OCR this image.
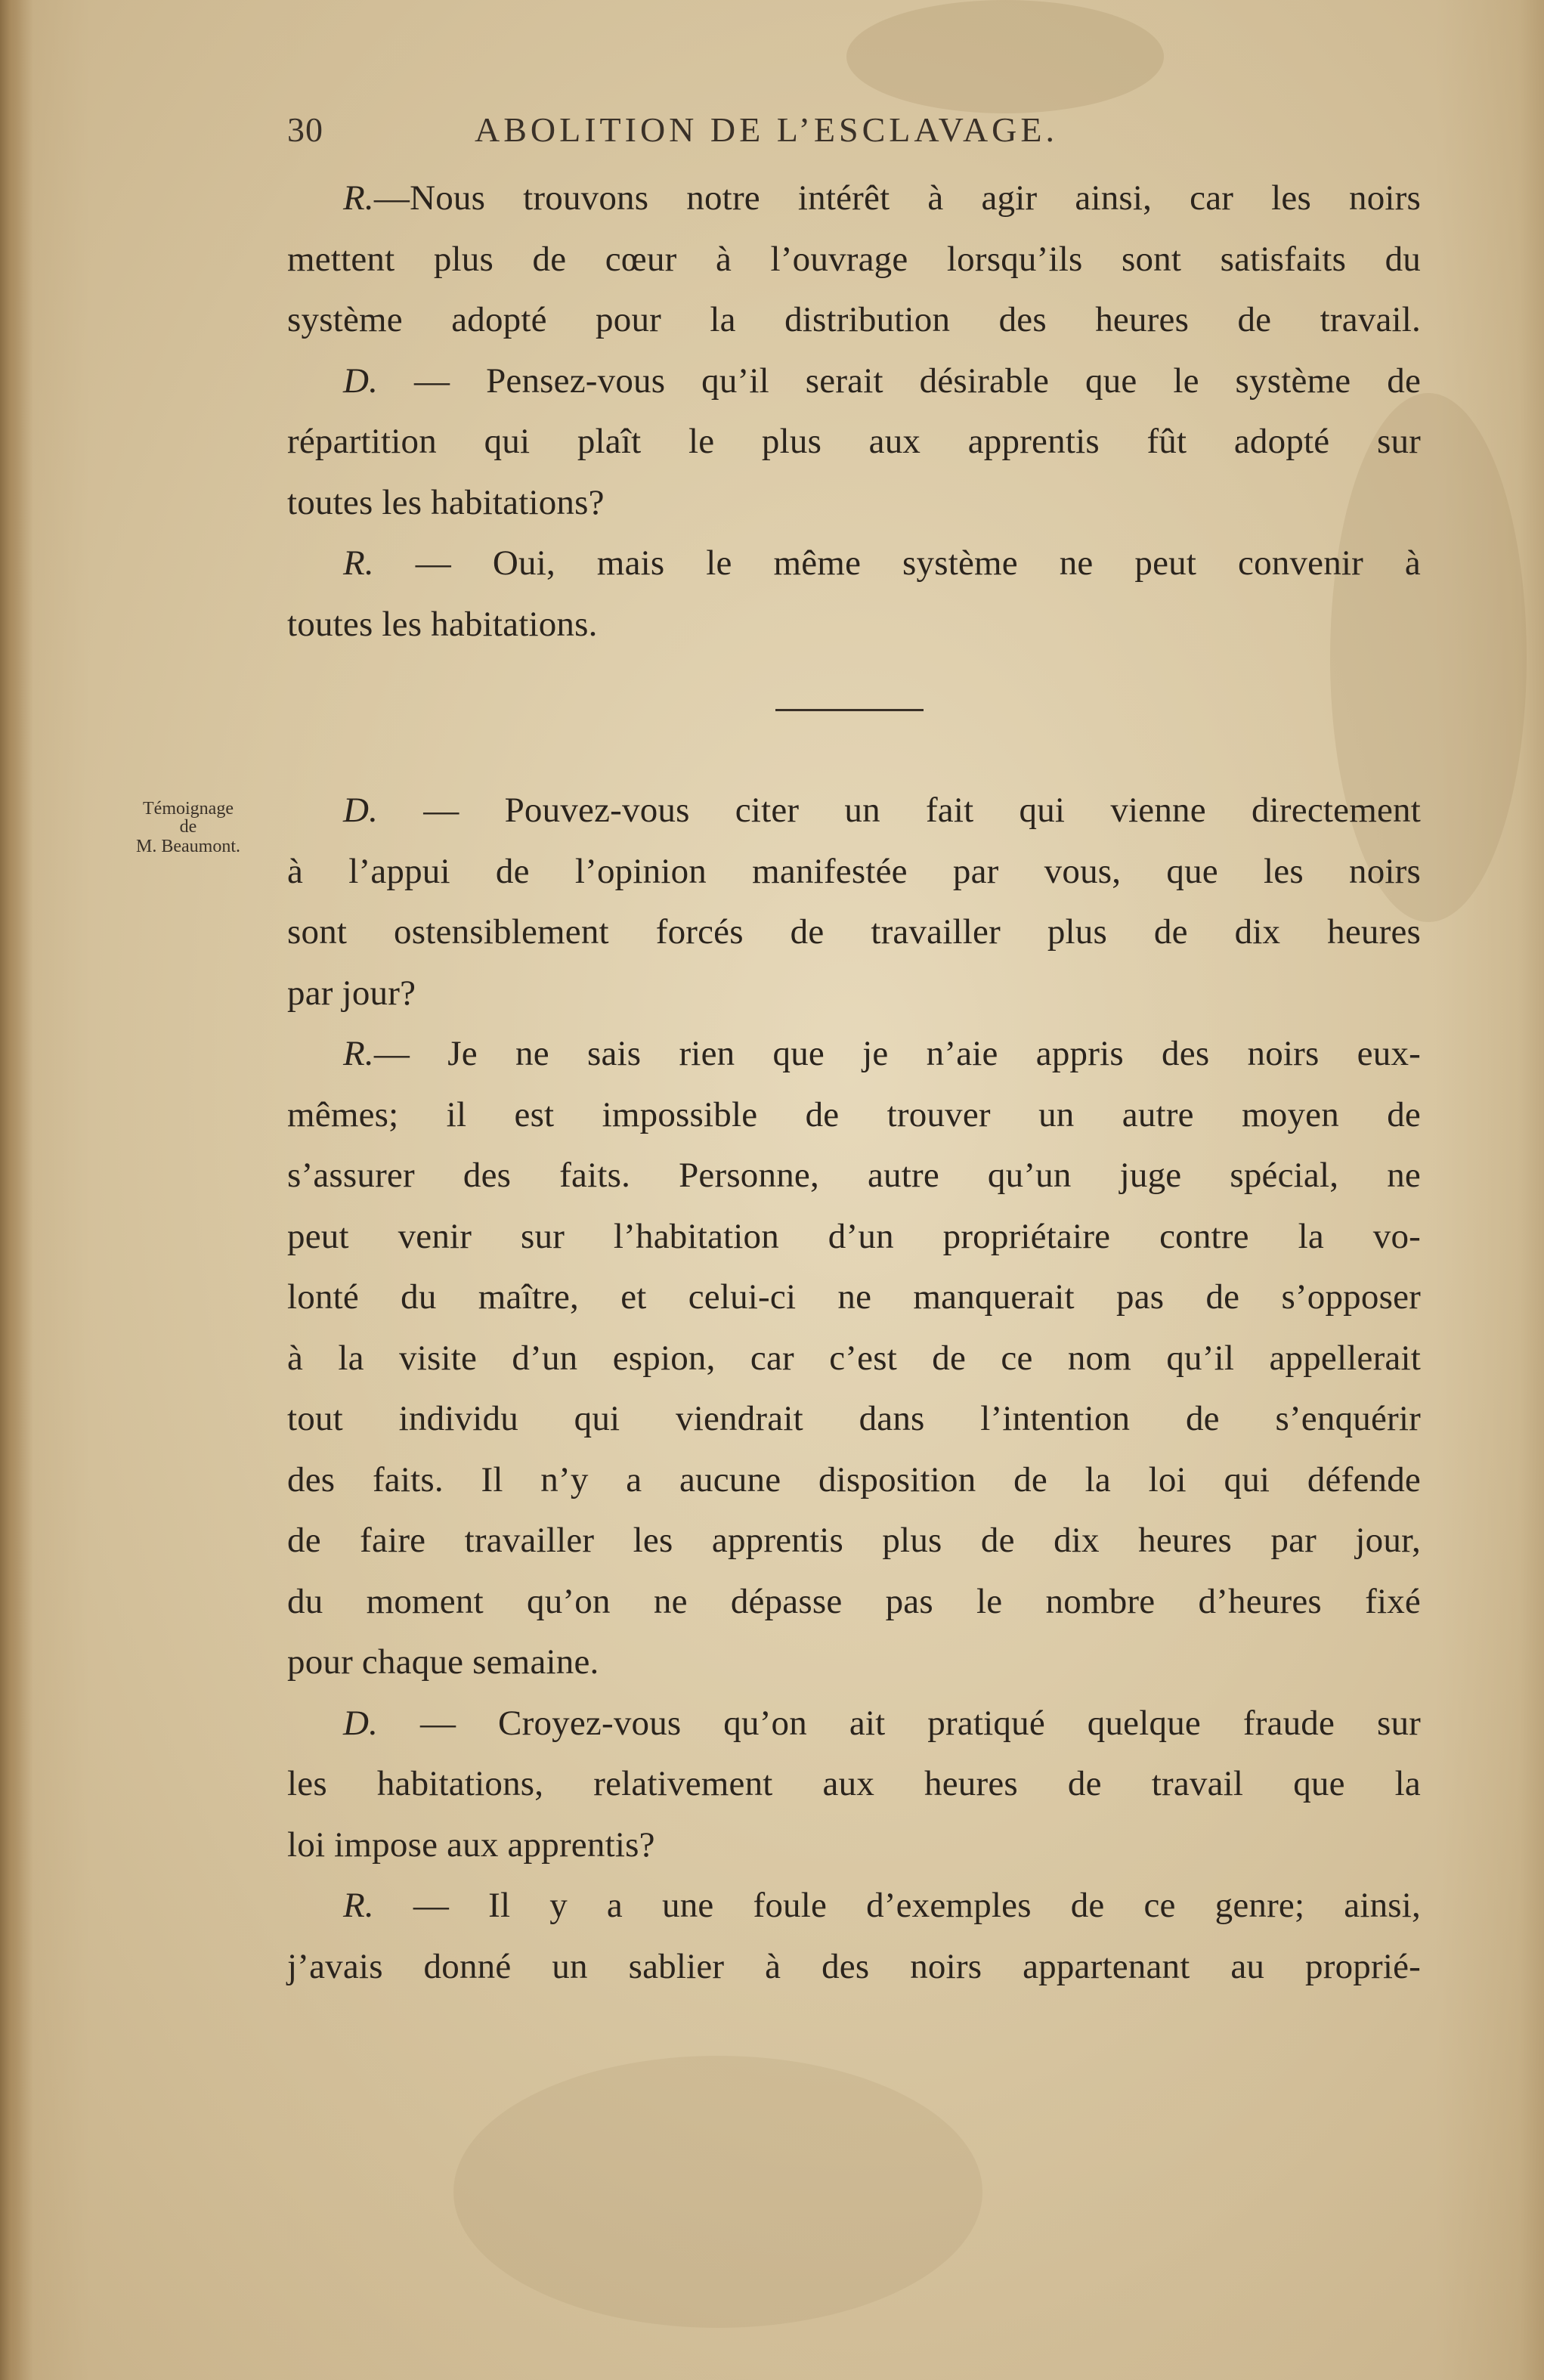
30	ABOLITION DE L’ESCLAVAGE.
R.—Nous trouvons notre intérêt à agir ainsi, car les noirs
mettent plus de cœur à l’ouvrage lorsqu’ils sont satisfaits du
système adopté pour la distribution des heures de travail.
D. — Pensez-vous qu’il serait désirable que le système de
répartition qui plaît le plus aux apprentis fût adopté sur
toutes les habitations?
R. — Oui, mais le même système ne peut convenir à
toutes les habitations.
Témoignage
de
M. Beaumont.
D. — Pouvez-vous citer un fait qui vienne directement
à l’appui de l’opinion manifestée par vous, que les noirs
sont ostensiblement forcés de travailler plus de dix heures
par jour?
R.— Je ne sais rien que je n’aie appris des noirs eux-
mêmes; il est impossible de trouver un autre moyen de
s’assurer des faits. Personne, autre qu’un juge spécial, ne
peut venir sur l’habitation d’un propriétaire contre la vo-
lonté du maître, et celui-ci ne manquerait pas de s’opposer
à la visite d’un espion, car c’est de ce nom qu’il appellerait
tout individu qui viendrait dans l’intention de s’enquérir
des faits. Il n’y a aucune disposition de la loi qui défende
de faire travailler les apprentis plus de dix heures par jour,
du moment qu’on ne dépasse pas le nombre d’heures fixé
pour chaque semaine.
D. — Croyez-vous qu’on ait pratiqué quelque fraude sur
les habitations, relativement aux heures de travail que la
loi impose aux apprentis?
R. — Il y a une foule d’exemples de ce genre; ainsi,
j’avais donné un sablier à des noirs appartenant au proprié-
